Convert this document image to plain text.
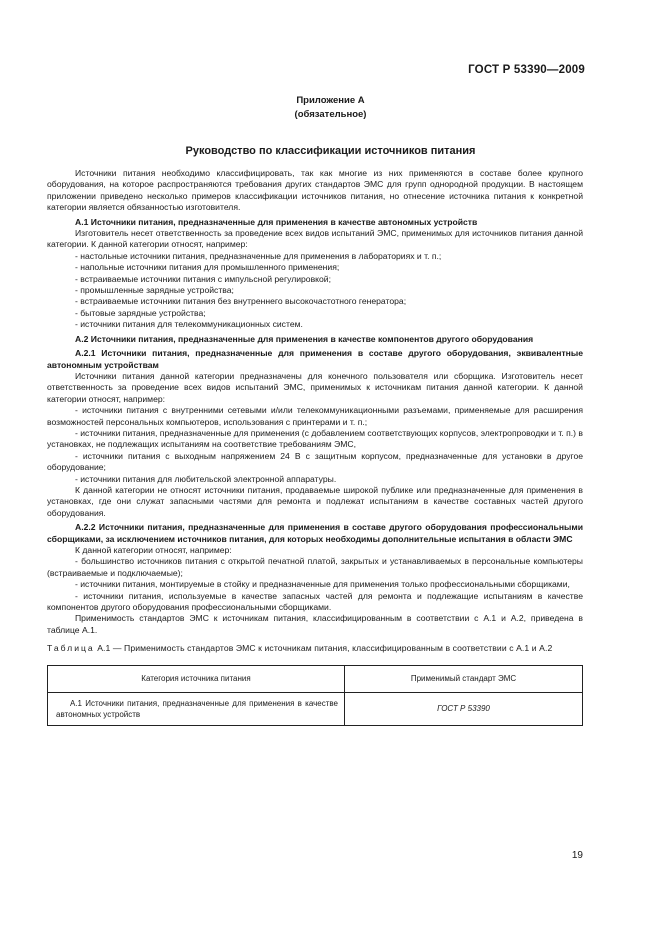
ГОСТ Р 53390—2009
Приложение А
(обязательное)
Руководство по классификации источников питания

Источники питания необходимо классифицировать, так как многие из них применяются в составе более крупного оборудования, на которое распространяются требования других стандартов ЭМС для групп однородной продукции. В настоящем приложении приведено несколько примеров классификации источников питания, но отнесение источника питания к конкретной категории является обязанностью изготовителя.

А.1 Источники питания, предназначенные для применения в качестве автономных устройств

Изготовитель несет ответственность за проведение всех видов испытаний ЭМС, применимых для источников питания данной категории. К данной категории относят, например:

- настольные источники питания, предназначенные для применения в лабораториях и т. п.;

- напольные источники питания для промышленного применения;

- встраиваемые источники питания с импульсной регулировкой;

- промышленные зарядные устройства;

- встраиваемые источники питания без внутреннего высокочастотного генератора;

- бытовые зарядные устройства;

- источники питания для телекоммуникационных систем.

А.2 Источники питания, предназначенные для применения в качестве компонентов другого оборудования

А.2.1 Источники питания, предназначенные для применения в составе другого оборудования, эквивалентные автономным устройствам

Источники питания данной категории предназначены для конечного пользователя или сборщика. Изготовитель несет ответственность за проведение всех видов испытаний ЭМС, применимых к источникам питания данной категории. К данной категории относят, например:

- источники питания с внутренними сетевыми и/или телекоммуникационными разъемами, применяемые для расширения возможностей персональных компьютеров, использования с принтерами и т. п.;

- источники питания, предназначенные для применения (с добавлением соответствующих корпусов, электропроводки и т. п.) в установках, не подлежащих испытаниям на соответствие требованиям ЭМС,

- источники питания с выходным напряжением 24 В с защитным корпусом, предназначенные для установки в другое оборудование;

- источники питания для любительской электронной аппаратуры.

К данной категории не относят источники питания, продаваемые широкой публике или предназначенные для применения в установках, где они служат запасными частями для ремонта и подлежат испытаниям в качестве составных частей другого оборудования.

А.2.2 Источники питания, предназначенные для применения в составе другого оборудования профессиональными сборщиками, за исключением источников питания, для которых необходимы дополнительные испытания в области ЭМС

К данной категории относят, например:

- большинство источников питания с открытой печатной платой, закрытых и устанавливаемых в персональные компьютеры (встраиваемые и подключаемые);

- источники питания, монтируемые в стойку и предназначенные для применения только профессиональными сборщиками,

- источники питания, используемые в качестве запасных частей для ремонта и подлежащие испытаниям в качестве компонентов другого оборудования профессиональными сборщиками.

Применимость стандартов ЭМС к источникам питания, классифицированным в соответствии с А.1 и А.2, приведена в таблице А.1.

Таблица А.1 — Применимость стандартов ЭМС к источникам питания, классифицированным в соответствии с А.1 и А.2

Категория источника питания	Применимый стандарт ЭМС

А.1 Источники питания, предназначенные для применения в качестве автономных устройств	ГОСТ Р 53390
19
